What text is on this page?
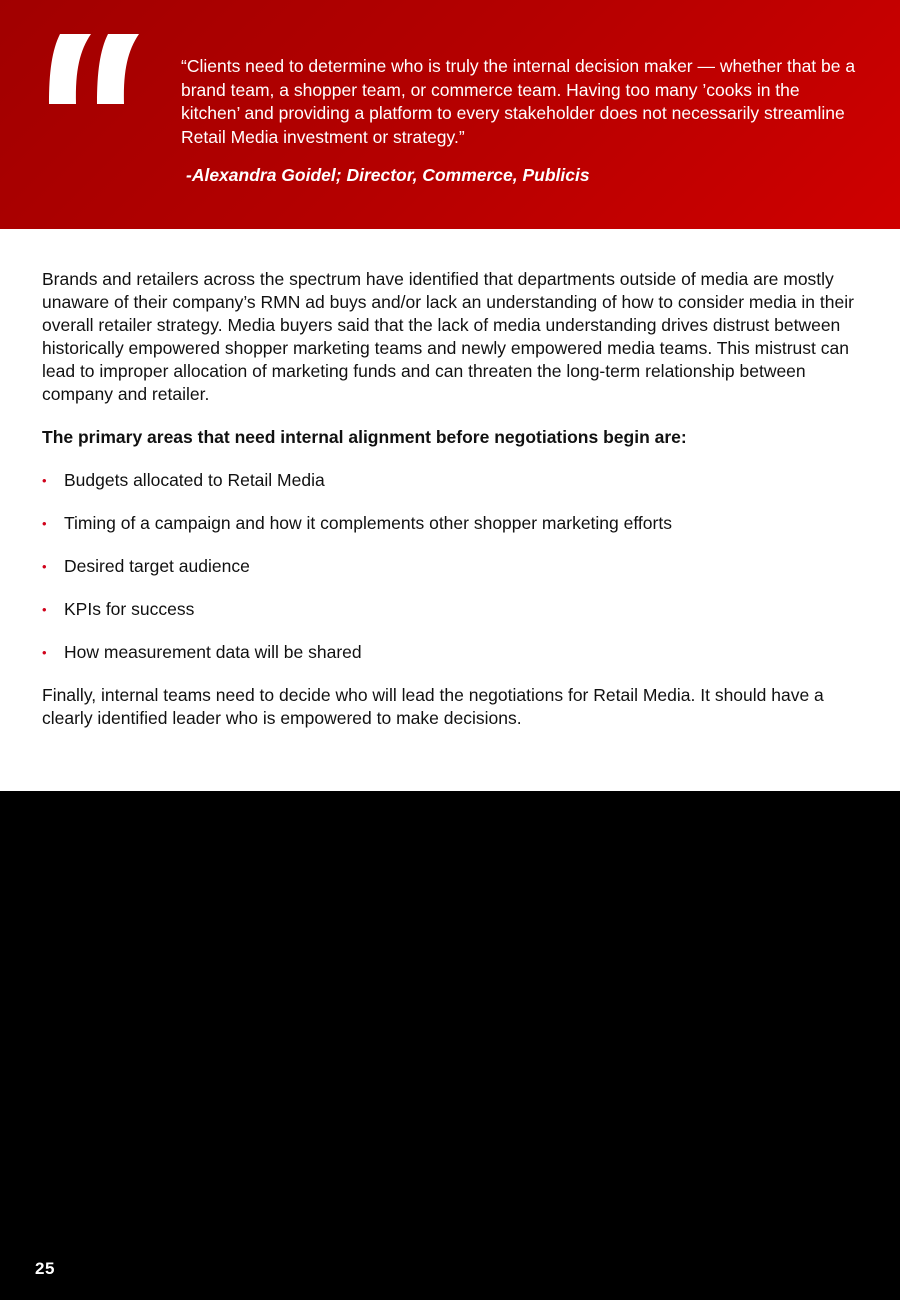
“Clients need to determine who is truly the internal decision maker — whether that be a brand team, a shopper team, or commerce team. Having too many ’cooks in the kitchen’ and providing a platform to every stakeholder does not necessarily streamline Retail Media investment or strategy.”
-Alexandra Goidel; Director, Commerce, Publicis

Brands and retailers across the spectrum have identified that departments outside of media are mostly unaware of their company’s RMN ad buys and/or lack an understanding of how to consider media in their overall retailer strategy. Media buyers said that the lack of media understanding drives distrust between historically empowered shopper marketing teams and newly empowered media teams. This mistrust can lead to improper allocation of marketing funds and can threaten the long-term relationship between company and retailer.

The primary areas that need internal alignment before negotiations begin are:

• Budgets allocated to Retail Media
• Timing of a campaign and how it complements other shopper marketing efforts
• Desired target audience
• KPIs for success
• How measurement data will be shared

Finally, internal teams need to decide who will lead the negotiations for Retail Media. It should have a clearly identified leader who is empowered to make decisions.

25
